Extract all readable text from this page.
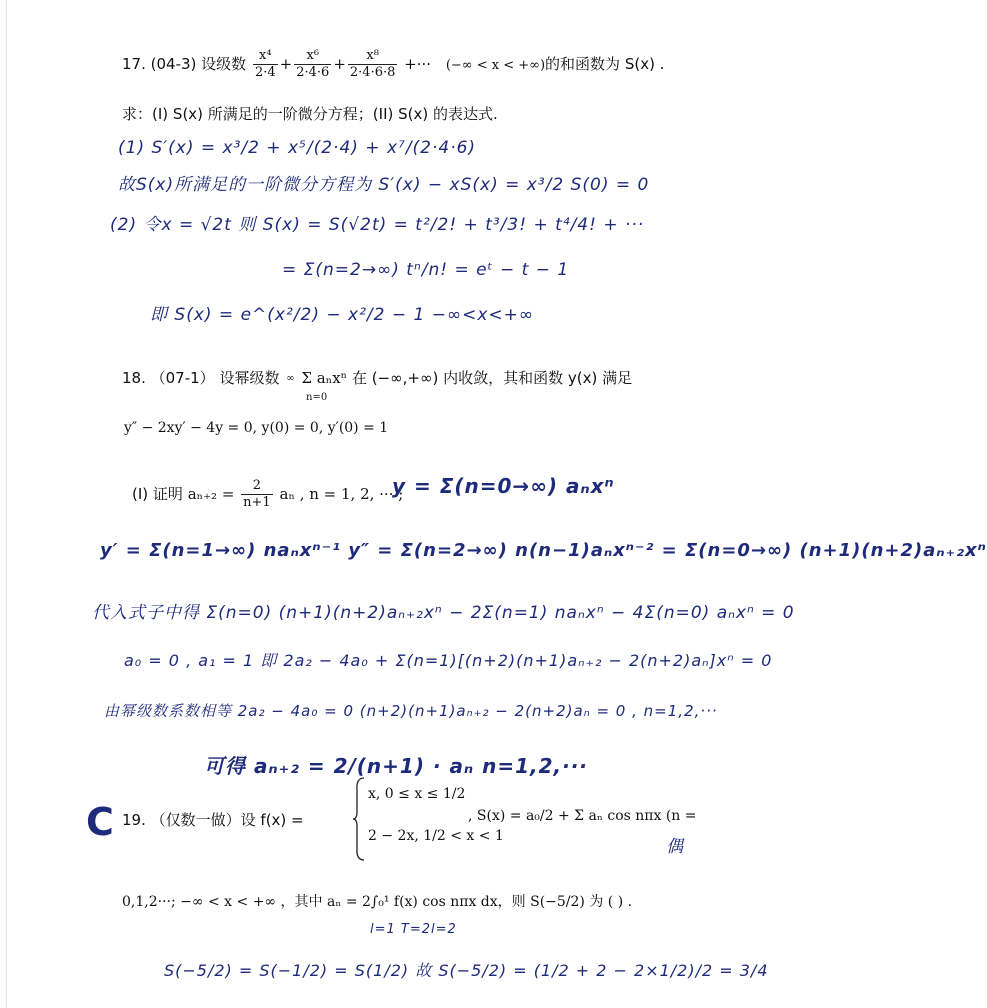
17. (04-3) 设级数 $\frac{\text{x⁴}}{2\cdot 4} + \frac{\text{x⁶}}{2\cdot 4\cdot 6} + \frac{\text{x⁸}}{2\cdot 4\cdot 6\cdot 8}$ +··· (−∞ < x < +∞)的和函数为 S(x) .
求：(I) S(x) 所满足的一阶微分方程；(II) S(x) 的表达式.
(1) S′(x) = x³/2 + x⁵/(2·4) + x⁷/(2·4·6)
故S(x)所满足的一阶微分方程为 S′(x) − xS(x) = x³/2 S(0) = 0
(2) 令x = √2t 则 S(x) = S(√2t) = t²/2! + t³/3! + t⁴/4! + ···
= Σ(n=2→∞) tⁿ/n! = eᵗ − t − 1
即 S(x) = e^(x²/2) − x²/2 − 1 −∞<x<+∞
18. （07-1） 设幂级数 ∞ Σ aₙxⁿ 在 (−∞,+∞) 内收敛，其和函数 y(x) 满足
n=0
y″ − 2xy′ − 4y = 0, y(0) = 0, y′(0) = 1
(I) 证明 $a_{n+2} = \frac{2}{n+1}$ aₙ , n = 1, 2, ··· ;
y = Σ(n=0→∞) aₙxⁿ
y′ = Σ(n=1→∞) naₙxⁿ⁻¹ y″ = Σ(n=2→∞) n(n−1)aₙxⁿ⁻² = Σ(n=0→∞) (n+1)(n+2)aₙ₊₂xⁿ
代入式子中得 Σ(n=0) (n+1)(n+2)aₙ₊₂xⁿ − 2Σ(n=1) naₙxⁿ − 4Σ(n=0) aₙxⁿ = 0
a₀ = 0 , a₁ = 1 即 2a₂ − 4a₀ + Σ(n=1)[(n+2)(n+1)aₙ₊₂ − 2(n+2)aₙ]xⁿ = 0
由幂级数系数相等 2a₂ − 4a₀ = 0 (n+2)(n+1)aₙ₊₂ − 2(n+2)aₙ = 0 , n=1,2,···
可得 aₙ₊₂ = 2/(n+1) · aₙ n=1,2,···
C 19. （仅数一做）设 f(x) =
x, 0 ≤ x ≤ 1/2
2 − 2x, 1/2 < x < 1
, S(x) = a₀/2 + Σ aₙ cos nπx (n =
偶
0,1,2···; −∞ < x < +∞ ，其中 aₙ = 2∫₀¹ f(x) cos nπx dx，则 S(−5/2) 为 ( ) .
l=1 T=2l=2
S(−5/2) = S(−1/2) = S(1/2) 故 S(−5/2) = (1/2 + 2 − 2×1/2)/2 = 3/4
